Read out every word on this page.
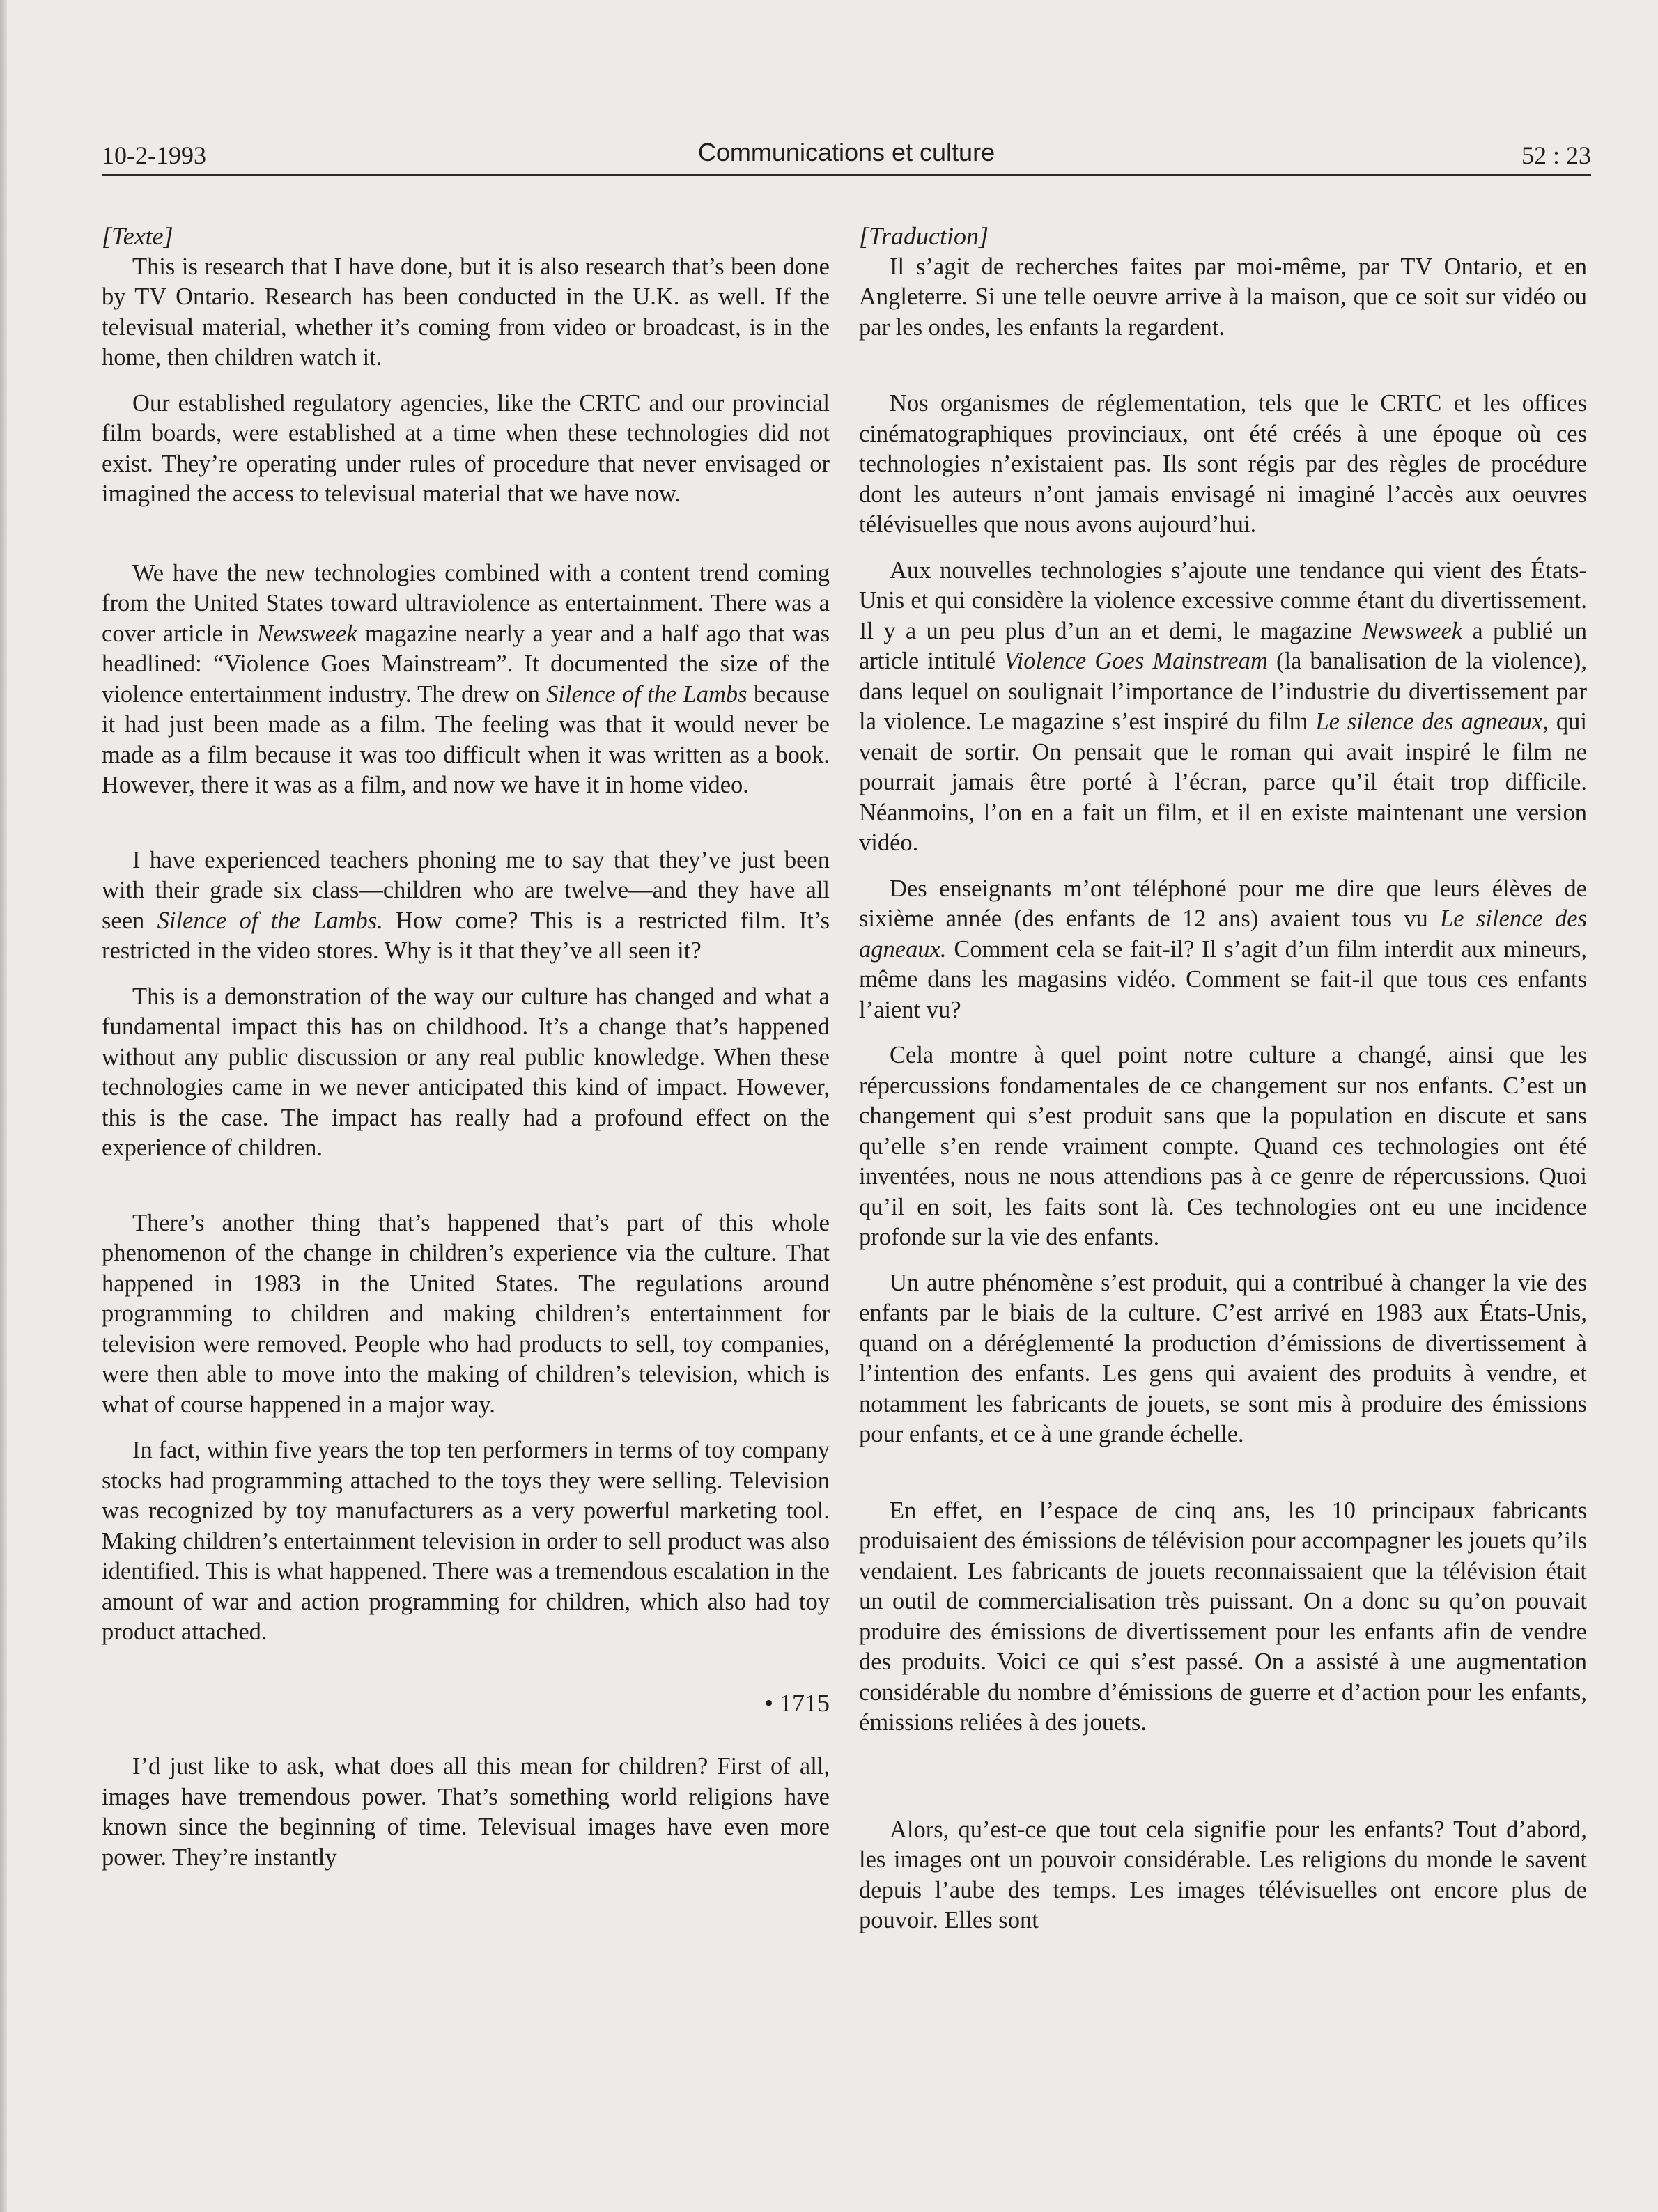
10-2-1993	Communications et culture	52 : 23

[Texte]

This is research that I have done, but it is also research that’s been done by TV Ontario. Research has been conducted in the U.K. as well. If the televisual material, whether it’s coming from video or broadcast, is in the home, then children watch it.

Our established regulatory agencies, like the CRTC and our provincial film boards, were established at a time when these technologies did not exist. They’re operating under rules of procedure that never envisaged or imagined the access to televisual material that we have now.

We have the new technologies combined with a content trend coming from the United States toward ultraviolence as entertainment. There was a cover article in Newsweek magazine nearly a year and a half ago that was headlined: “Violence Goes Mainstream”. It documented the size of the violence entertainment industry. The drew on Silence of the Lambs because it had just been made as a film. The feeling was that it would never be made as a film because it was too difficult when it was written as a book. However, there it was as a film, and now we have it in home video.

I have experienced teachers phoning me to say that they’ve just been with their grade six class—children who are twelve—and they have all seen Silence of the Lambs. How come? This is a restricted film. It’s restricted in the video stores. Why is it that they’ve all seen it?

This is a demonstration of the way our culture has changed and what a fundamental impact this has on childhood. It’s a change that’s happened without any public discussion or any real public knowledge. When these technologies came in we never anticipated this kind of impact. However, this is the case. The impact has really had a profound effect on the experience of children.

There’s another thing that’s happened that’s part of this whole phenomenon of the change in children’s experience via the culture. That happened in 1983 in the United States. The regulations around programming to children and making children’s entertainment for television were removed. People who had products to sell, toy companies, were then able to move into the making of children’s television, which is what of course happened in a major way.

In fact, within five years the top ten performers in terms of toy company stocks had programming attached to the toys they were selling. Television was recognized by toy manufacturers as a very powerful marketing tool. Making children’s entertainment television in order to sell product was also identified. This is what happened. There was a tremendous escalation in the amount of war and action programming for children, which also had toy product attached.

• 1715

I’d just like to ask, what does all this mean for children? First of all, images have tremendous power. That’s something world religions have known since the beginning of time. Televisual images have even more power. They’re instantly

[Traduction]

Il s’agit de recherches faites par moi-même, par TV Ontario, et en Angleterre. Si une telle oeuvre arrive à la maison, que ce soit sur vidéo ou par les ondes, les enfants la regardent.

Nos organismes de réglementation, tels que le CRTC et les offices cinématographiques provinciaux, ont été créés à une époque où ces technologies n’existaient pas. Ils sont régis par des règles de procédure dont les auteurs n’ont jamais envisagé ni imaginé l’accès aux oeuvres télévisuelles que nous avons aujourd’hui.

Aux nouvelles technologies s’ajoute une tendance qui vient des États-Unis et qui considère la violence excessive comme étant du divertissement. Il y a un peu plus d’un an et demi, le magazine Newsweek a publié un article intitulé Violence Goes Mainstream (la banalisation de la violence), dans lequel on soulignait l’importance de l’industrie du divertissement par la violence. Le magazine s’est inspiré du film Le silence des agneaux, qui venait de sortir. On pensait que le roman qui avait inspiré le film ne pourrait jamais être porté à l’écran, parce qu’il était trop difficile. Néanmoins, l’on en a fait un film, et il en existe maintenant une version vidéo.

Des enseignants m’ont téléphoné pour me dire que leurs élèves de sixième année (des enfants de 12 ans) avaient tous vu Le silence des agneaux. Comment cela se fait-il? Il s’agit d’un film interdit aux mineurs, même dans les magasins vidéo. Comment se fait-il que tous ces enfants l’aient vu?

Cela montre à quel point notre culture a changé, ainsi que les répercussions fondamentales de ce changement sur nos enfants. C’est un changement qui s’est produit sans que la population en discute et sans qu’elle s’en rende vraiment compte. Quand ces technologies ont été inventées, nous ne nous attendions pas à ce genre de répercussions. Quoi qu’il en soit, les faits sont là. Ces technologies ont eu une incidence profonde sur la vie des enfants.

Un autre phénomène s’est produit, qui a contribué à changer la vie des enfants par le biais de la culture. C’est arrivé en 1983 aux États-Unis, quand on a déréglementé la production d’émissions de divertissement à l’intention des enfants. Les gens qui avaient des produits à vendre, et notamment les fabricants de jouets, se sont mis à produire des émissions pour enfants, et ce à une grande échelle.

En effet, en l’espace de cinq ans, les 10 principaux fabricants produisaient des émissions de télévision pour accompagner les jouets qu’ils vendaient. Les fabricants de jouets reconnaissaient que la télévision était un outil de commercialisation très puissant. On a donc su qu’on pouvait produire des émissions de divertissement pour les enfants afin de vendre des produits. Voici ce qui s’est passé. On a assisté à une augmentation considérable du nombre d’émissions de guerre et d’action pour les enfants, émissions reliées à des jouets.

Alors, qu’est-ce que tout cela signifie pour les enfants? Tout d’abord, les images ont un pouvoir considérable. Les religions du monde le savent depuis l’aube des temps. Les images télévisuelles ont encore plus de pouvoir. Elles sont
